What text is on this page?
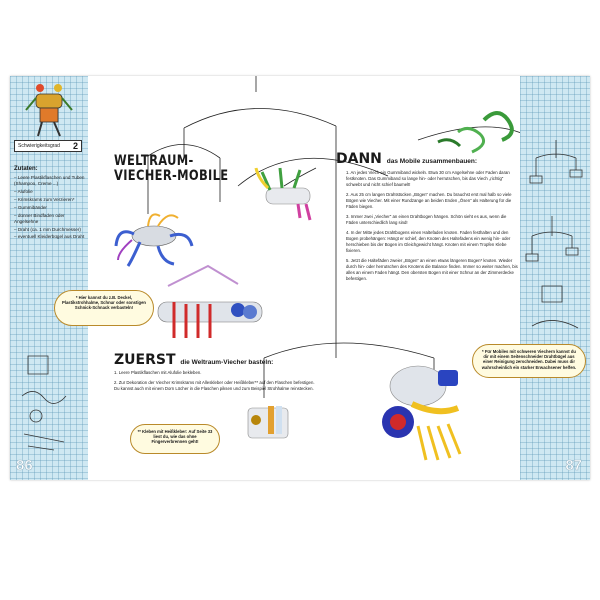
Schwierigkeitsgrad 2
Zutaten:
– Leere Plastikflaschen und Tuben (Shampoo, Creme ...)
– Alufolie
– Krimskrams zum Verzieren*
– Gummibänder
– dünner Bindfaden oder Angelsehne
– Draht (ca. 1 mm Durchmesser)
– eventuell Kleiderbügel aus Draht
86	87
WELTRAUM-
VIECHER-MOBILE
DANN das Mobile zusammenbauen:

1. An jedes Viech ein Gummiband wickeln. Etwa 30 cm Angelsehne oder Faden daran festknoten. Das Gummiband so lange hin- oder herrutschen, bis das Viech „richtig“ schwebt und nicht schief baumelt!

2. Aus 25 cm langen Drahtstücken „Bögen“ machen. Du brauchst erst mal halb so viele Bögen wie Viecher. Mit einer Rundzange an beiden Enden „Ösen“ als Halterung für die Fäden biegen.

3. Immer zwei „Viecher“ an einen Drahtbogen hängen. Schön sieht es aus, wenn die Fäden unterschiedlich lang sind!

4. In der Mitte jedes Drahtbogens einen Haltefaden knoten. Faden festhalten und den Bogen probehängen: Hängt er schief, den Knoten des Haltefadens ein wenig hin- oder herschieben bis der Bogen im Gleichgewicht hängt. Knoten mit einem Tropfen Klebe fixieren.

5. Jetzt die Haltefäden zweier „Bögen“ an einen etwas längeren Bogen* knoten. Wieder durch hin- oder herrutschen des Knotens die Balance finden. Immer so weiter machen, bis alles an einem Faden hängt. Den obersten Bogen mit einer Schnur an der Zimmerdecke befestigen.

ZUERST die Weltraum-Viecher basteln:

1. Leere Plastikflaschen mit Alufolie bekleben.

2. Zur Dekoration der Viecher Krimskrams mit Alleskleber oder Heißkleber** auf den Flaschen befestigen. Du kannst auch mit einem Dorn Löcher in die Flaschen piksen und zum Beispiel Strohhalme reinstecken.

* Hier kannst du z.B. Deckel, Plastikstrohhalme, Schnur oder sonstigen Schnick-Schnack verbasteln!
** Kleben mit Heißkleber: Auf Seite 33 liest du, wie das ohne Fingerverbrennen geht!
* Für Mobiles mit schweren Viechern kannst du dir mit einem Seitenschneider Drahtbügel aus einer Reinigung zerschneiden. Dabei muss dir wahrscheinlich ein starker Erwachsener helfen.
